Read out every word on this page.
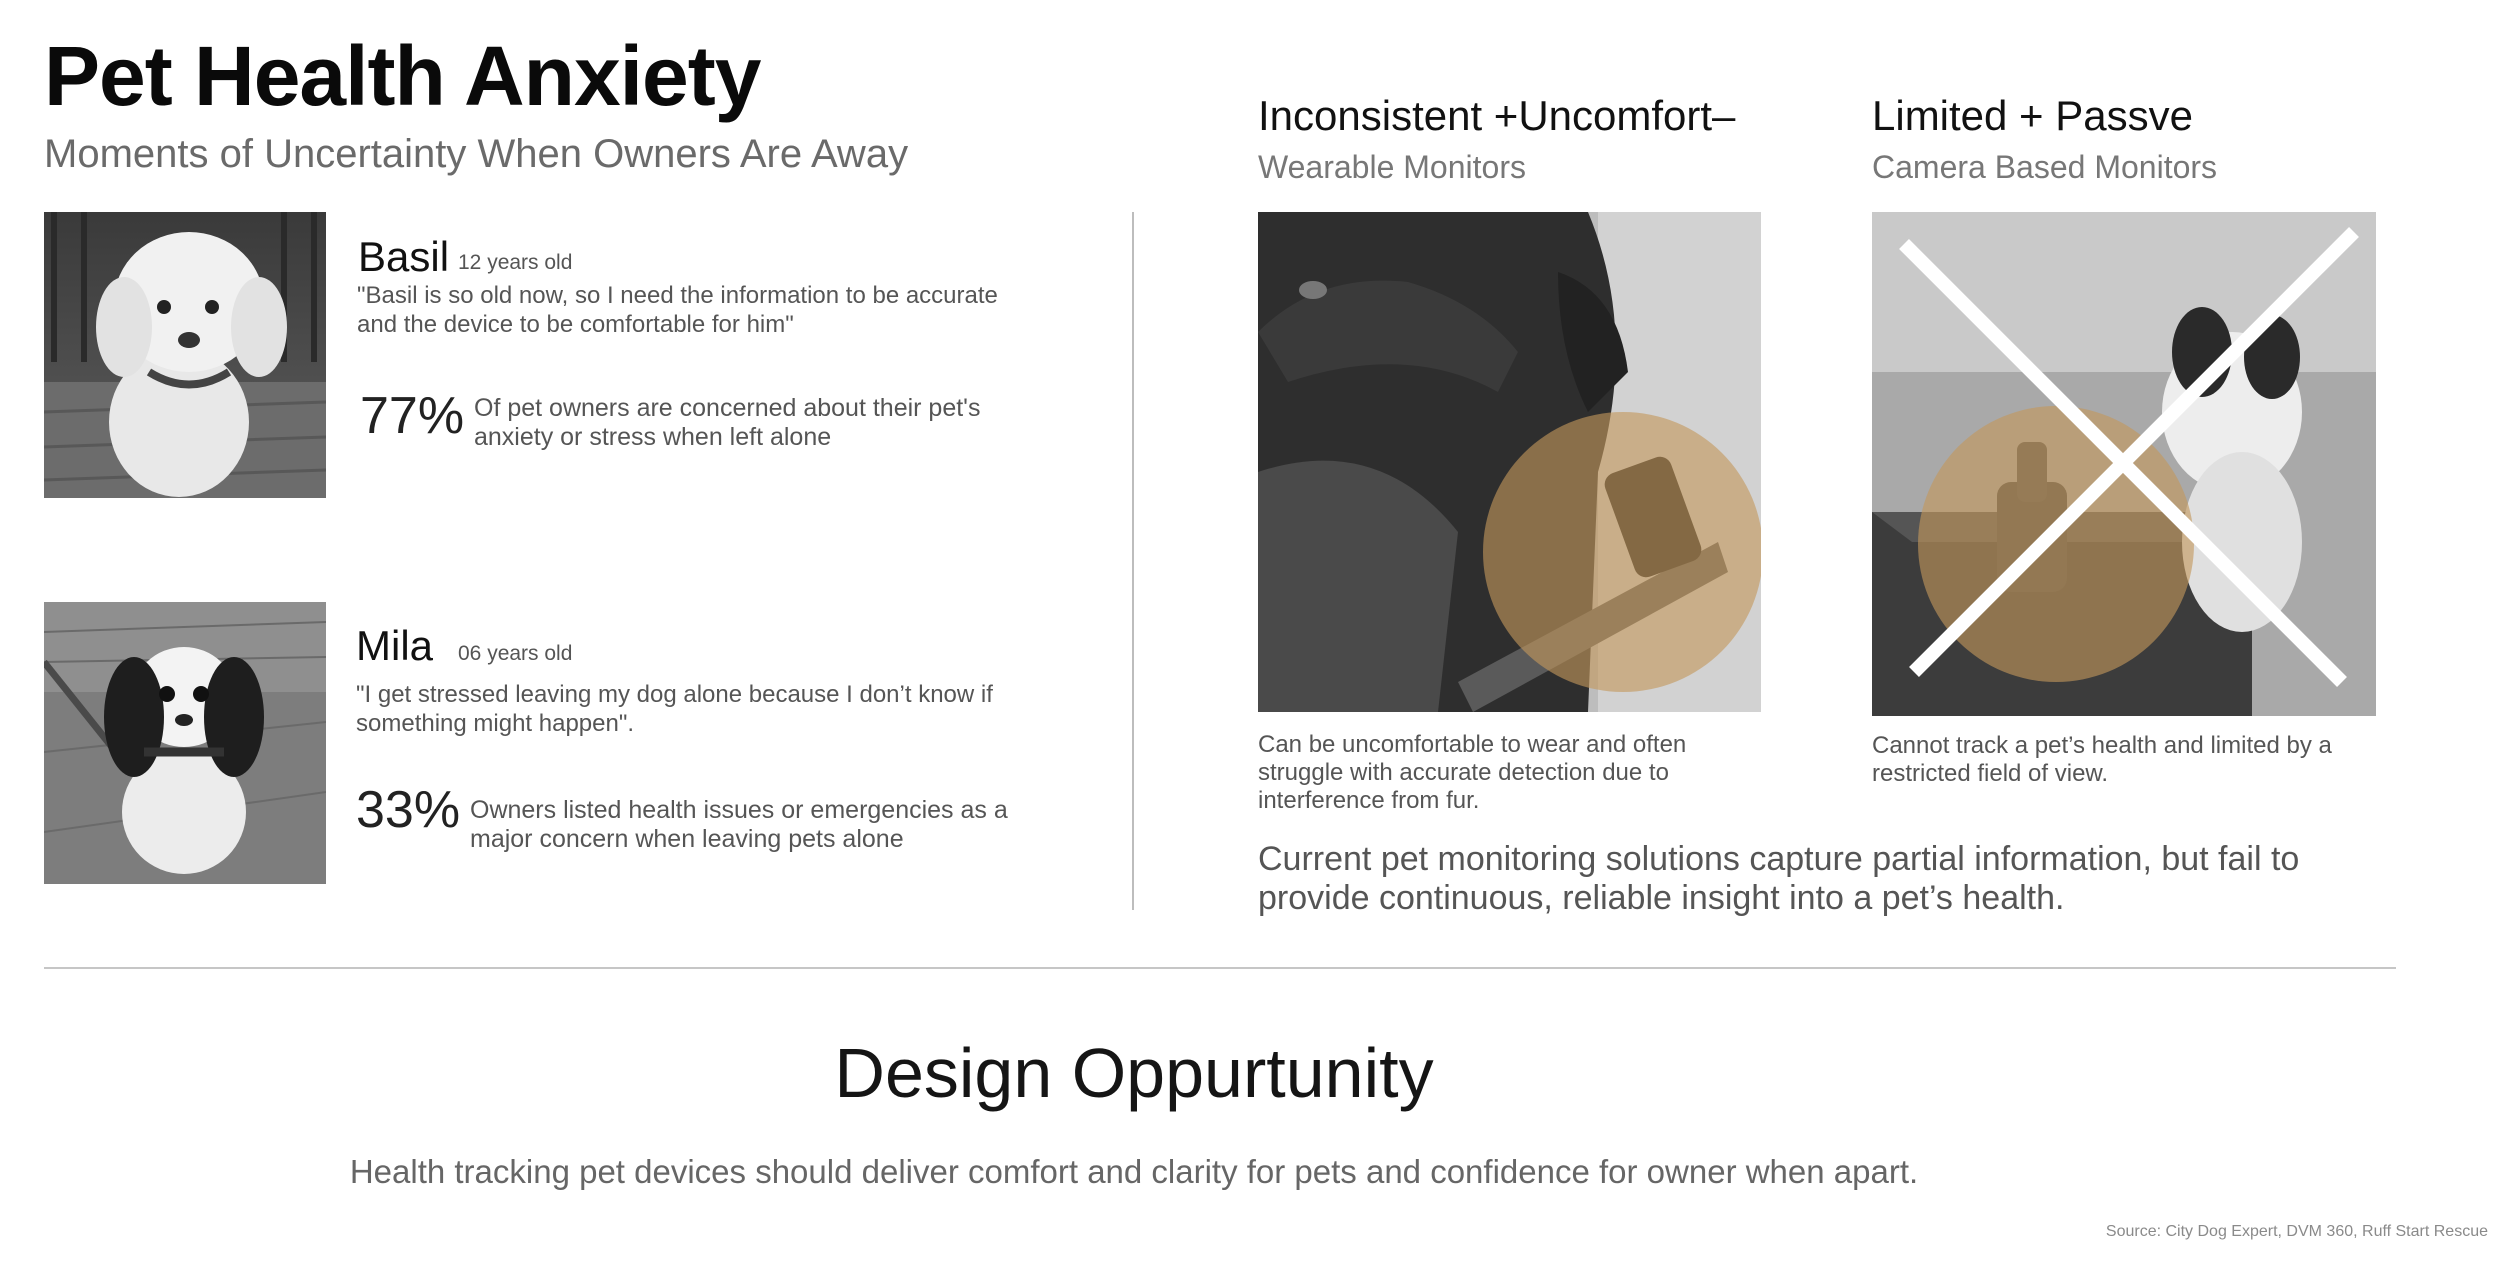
Pet Health Anxiety
Moments of Uncertainty When Owners Are Away
Basil 12 years old
"Basil is so old now, so I need the information to be accurate and the device to be comfortable for him"
77% Of pet owners are concerned about their pet's anxiety or stress when left alone
Mila 06 years old
"I get stressed leaving my dog alone because I don’t know if something might happen".
33% Owners listed health issues or emergencies as a major concern when leaving pets alone
Inconsistent +Uncomfort–
Wearable Monitors
Can be uncomfortable to wear and often struggle with accurate detection due to interference from fur.
Limited + Passve
Camera Based Monitors
Cannot track a pet’s health and limited by a restricted field of view.
Current pet monitoring solutions capture partial information, but fail to provide continuous, reliable insight into a pet’s health.
Design Oppurtunity
Health tracking pet devices should deliver comfort and clarity for pets and confidence for owner when apart.
Source: City Dog Expert, DVM 360, Ruff Start Rescue
